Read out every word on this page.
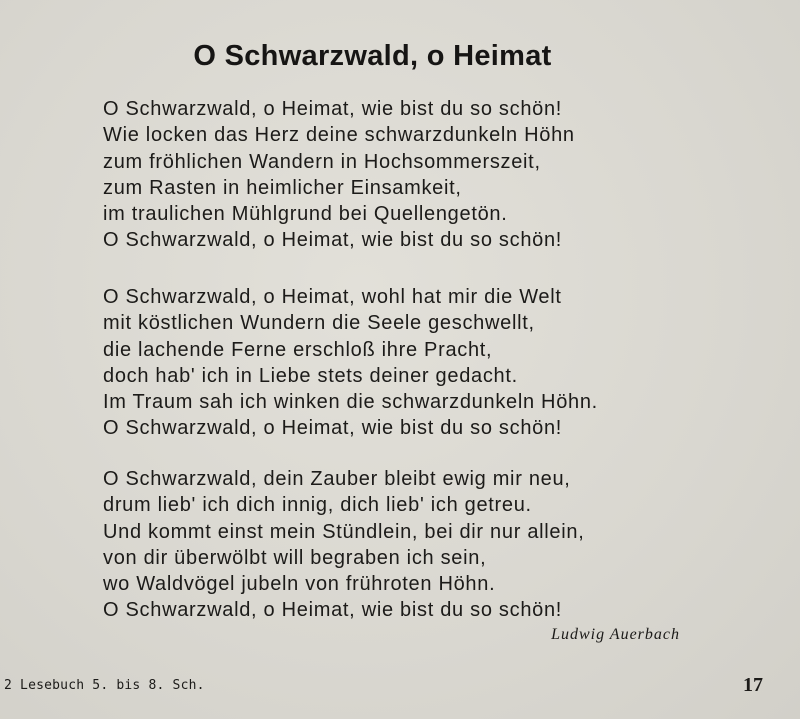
O Schwarzwald, o Heimat
O Schwarzwald, o Heimat, wie bist du so schön!
Wie locken das Herz deine schwarzdunkeln Höhn
zum fröhlichen Wandern in Hochsommerszeit,
zum Rasten in heimlicher Einsamkeit,
im traulichen Mühlgrund bei Quellengetön.
O Schwarzwald, o Heimat, wie bist du so schön!
O Schwarzwald, o Heimat, wohl hat mir die Welt
mit köstlichen Wundern die Seele geschwellt,
die lachende Ferne erschloß ihre Pracht,
doch hab' ich in Liebe stets deiner gedacht.
Im Traum sah ich winken die schwarzdunkeln Höhn.
O Schwarzwald, o Heimat, wie bist du so schön!
O Schwarzwald, dein Zauber bleibt ewig mir neu,
drum lieb' ich dich innig, dich lieb' ich getreu.
Und kommt einst mein Stündlein, bei dir nur allein,
von dir überwölbt will begraben ich sein,
wo Waldvögel jubeln von frühroten Höhn.
O Schwarzwald, o Heimat, wie bist du so schön!
Ludwig Auerbach
2 Lesebuch 5. bis 8. Sch.	17
